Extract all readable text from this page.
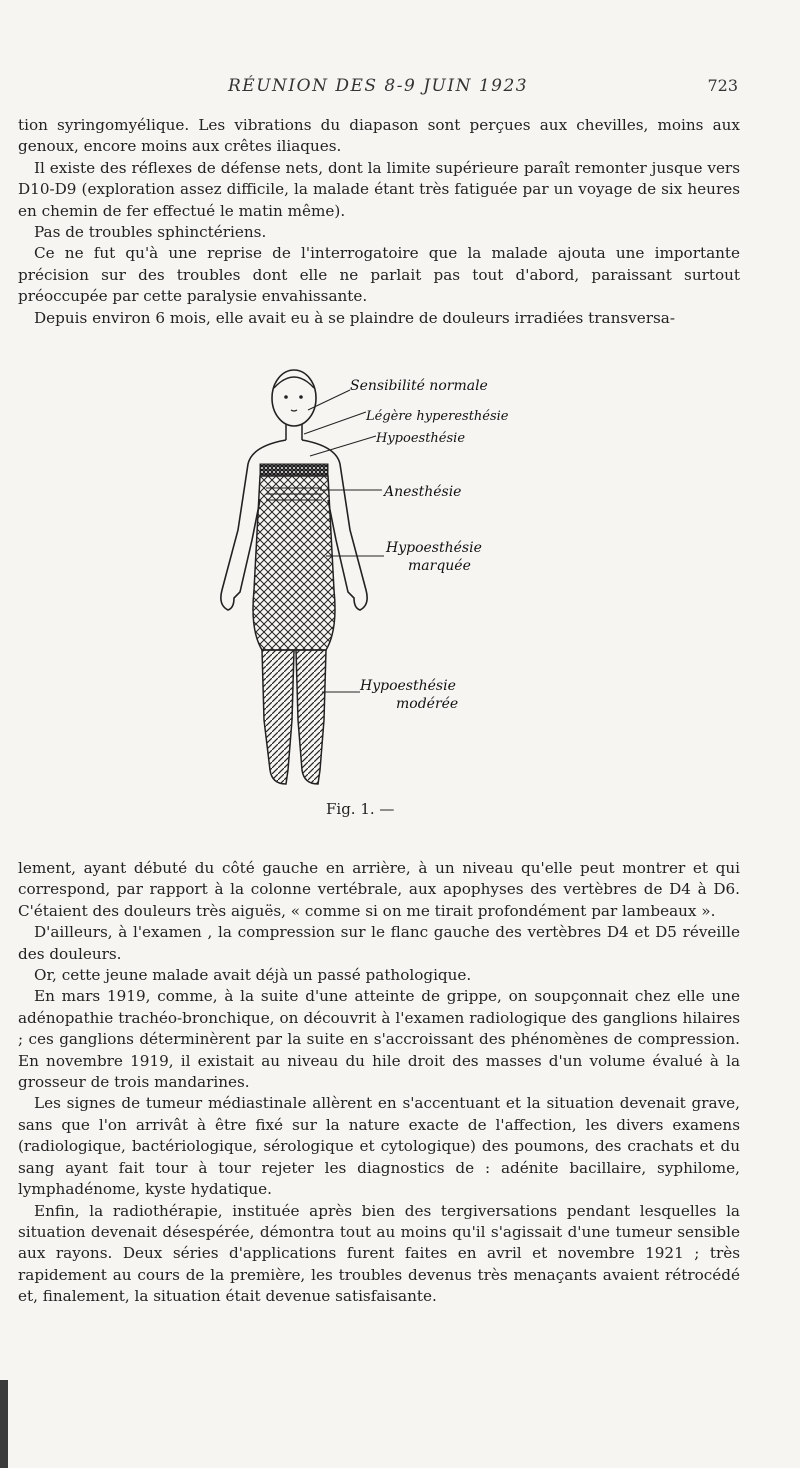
RÉUNION DES 8-9 JUIN 1923	723
tion syringomyélique. Les vibrations du diapason sont perçues aux chevilles, moins aux genoux, encore moins aux crêtes iliaques.
Il existe des réflexes de défense nets, dont la limite supérieure paraît remonter jusque vers D10-D9 (exploration assez difficile, la malade étant très fatiguée par un voyage de six heures en chemin de fer effectué le matin même).
Pas de troubles sphinctériens.
Ce ne fut qu'à une reprise de l'interrogatoire que la malade ajouta une importante précision sur des troubles dont elle ne parlait pas tout d'abord, paraissant surtout préoccupée par cette paralysie envahissante.
Depuis environ 6 mois, elle avait eu à se plaindre de douleurs irradiées transversa-
Sensibilité normale
Légère hyperesthésie
Hypoesthésie
Anesthésie
Hypoesthésie
marquée
Hypoesthésie
modérée
Fig. 1. —
lement, ayant débuté du côté gauche en arrière, à un niveau qu'elle peut montrer et qui correspond, par rapport à la colonne vertébrale, aux apophyses des vertèbres de D4 à D6. C'étaient des douleurs très aiguës, « comme si on me tirait profondément par lambeaux ».
D'ailleurs, à l'examen , la compression sur le flanc gauche des vertèbres D4 et D5 réveille des douleurs.
Or, cette jeune malade avait déjà un passé pathologique.
En mars 1919, comme, à la suite d'une atteinte de grippe, on soupçonnait chez elle une adénopathie trachéo-bronchique, on découvrit à l'examen radiologique des ganglions hilaires ; ces ganglions déterminèrent par la suite en s'accroissant des phénomènes de compression. En novembre 1919, il existait au niveau du hile droit des masses d'un volume évalué à la grosseur de trois mandarines.
Les signes de tumeur médiastinale allèrent en s'accentuant et la situation devenait grave, sans que l'on arrivât à être fixé sur la nature exacte de l'affection, les divers examens (radiologique, bactériologique, sérologique et cytologique) des poumons, des crachats et du sang ayant fait tour à tour rejeter les diagnostics de : adénite bacillaire, syphilome, lymphadénome, kyste hydatique.
Enfin, la radiothérapie, instituée après bien des tergiversations pendant lesquelles la situation devenait désespérée, démontra tout au moins qu'il s'agissait d'une tumeur sensible aux rayons. Deux séries d'applications furent faites en avril et novembre 1921 ; très rapidement au cours de la première, les troubles devenus très menaçants avaient rétrocédé et, finalement, la situation était devenue satisfaisante.
